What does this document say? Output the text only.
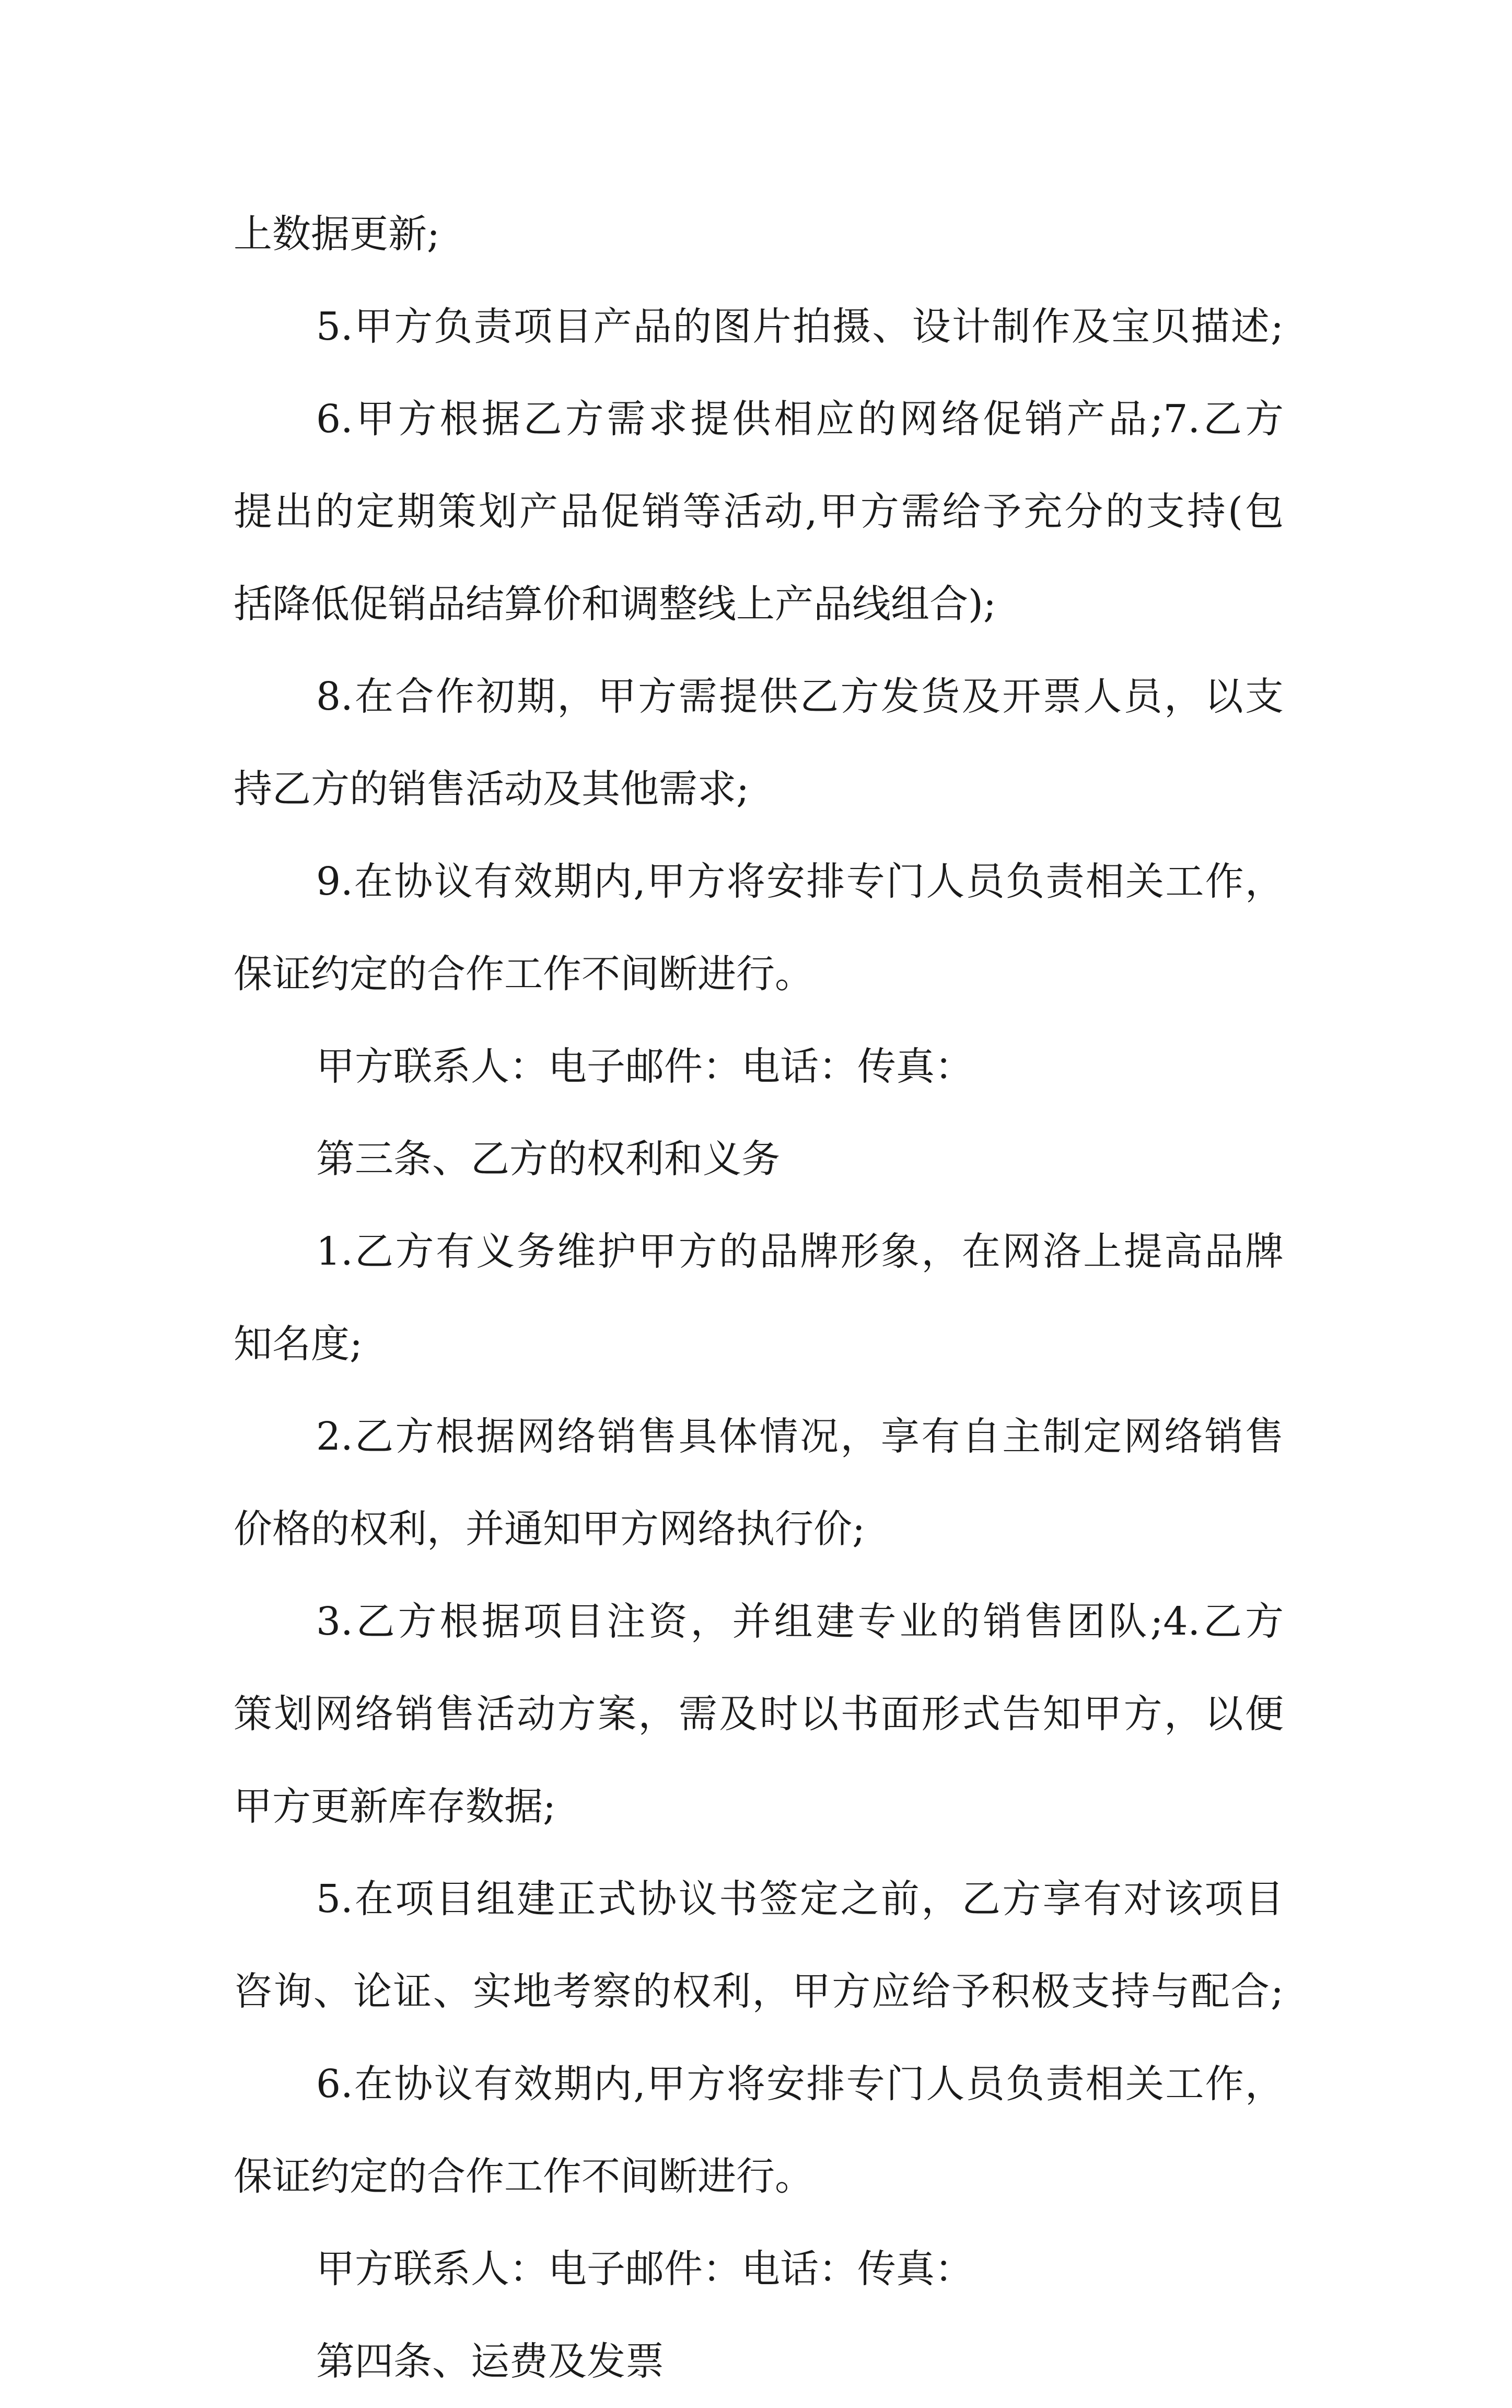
上数据更新;
5.甲方负责项目产品的图片拍摄、设计制作及宝贝描述;
6.甲方根据乙方需求提供相应的网络促销产品;7.乙方
提出的定期策划产品促销等活动,甲方需给予充分的支持(包
括降低促销品结算价和调整线上产品线组合);
8.在合作初期，甲方需提供乙方发货及开票人员，以支
持乙方的销售活动及其他需求;
9.在协议有效期内,甲方将安排专门人员负责相关工作，
保证约定的合作工作不间断进行。
甲方联系人：电子邮件：电话：传真：
第三条、乙方的权利和义务
1.乙方有义务维护甲方的品牌形象，在网洛上提高品牌
知名度;
2.乙方根据网络销售具体情况，享有自主制定网络销售
价格的权利，并通知甲方网络执行价;
3.乙方根据项目注资，并组建专业的销售团队;4.乙方
策划网络销售活动方案，需及时以书面形式告知甲方，以便
甲方更新库存数据;
5.在项目组建正式协议书签定之前，乙方享有对该项目
咨询、论证、实地考察的权利，甲方应给予积极支持与配合;
6.在协议有效期内,甲方将安排专门人员负责相关工作，
保证约定的合作工作不间断进行。
甲方联系人：电子邮件：电话：传真：
第四条、运费及发票
